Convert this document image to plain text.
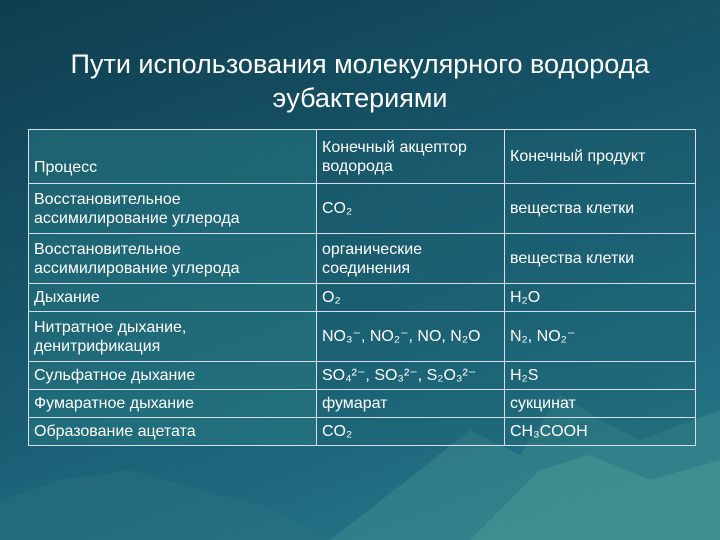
Пути использования молекулярного водорода
эубактериями
Процесс	Конечный акцептор водорода	Конечный продукт
Восстановительное ассимилирование углерода	CO₂	вещества клетки
Восстановительное ассимилирование углерода	органические соединения	вещества клетки
Дыхание	O₂	H₂O
Нитратное дыхание, денитрификация	NO₃⁻, NO₂⁻, NO, N₂O	N₂, NO₂⁻
Сульфатное дыхание	SO₄²⁻, SO₃²⁻, S₂O₃²⁻	H₂S
Фумаратное дыхание	фумарат	сукцинат
Образование ацетата	CO₂	CH₃COOH
